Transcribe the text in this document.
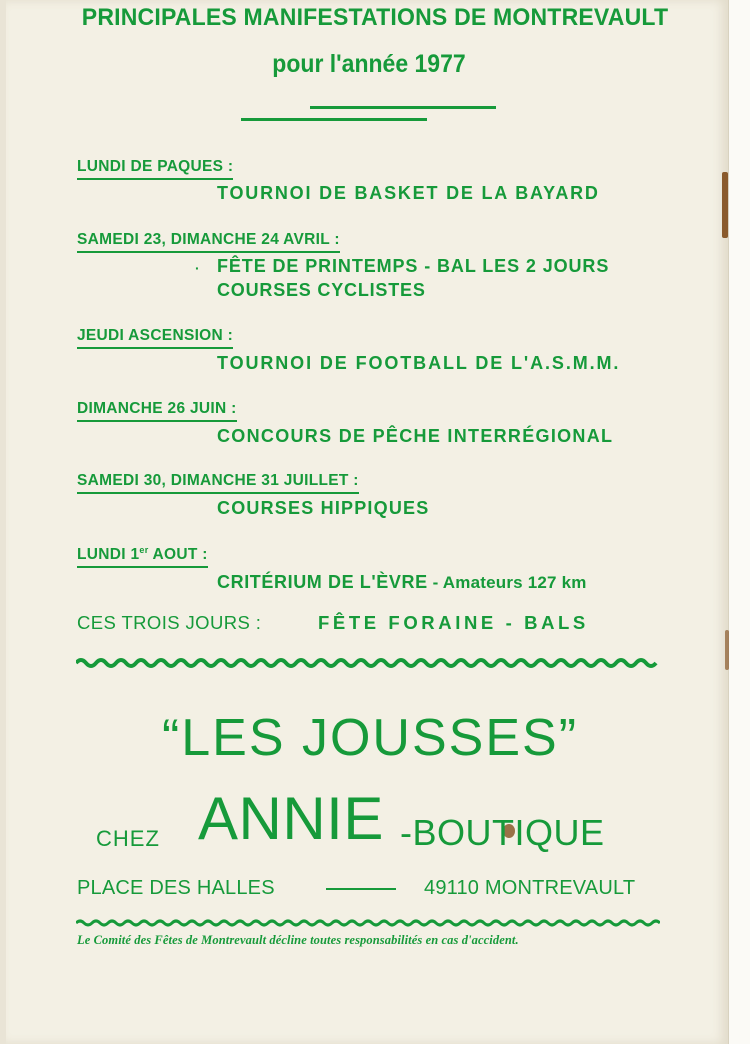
PRINCIPALES MANIFESTATIONS DE MONTREVAULT
pour l'année 1977
LUNDI DE PAQUES :
TOURNOI DE BASKET DE LA BAYARD
SAMEDI 23, DIMANCHE 24 AVRIL :
· FÊTE DE PRINTEMPS - BAL LES 2 JOURS
COURSES CYCLISTES
JEUDI ASCENSION :
TOURNOI DE FOOTBALL DE L'A.S.M.M.
DIMANCHE 26 JUIN :
CONCOURS DE PÊCHE INTERRÉGIONAL
SAMEDI 30, DIMANCHE 31 JUILLET :
COURSES HIPPIQUES
LUNDI 1er AOUT :
CRITÉRIUM DE L'ÈVRE - Amateurs 127 km
CES TROIS JOURS :	FÊTE FORAINE - BALS
“LES JOUSSES”
CHEZ ANNIE -BOUTIQUE
PLACE DES HALLES	49110 MONTREVAULT
Le Comité des Fêtes de Montrevault décline toutes responsabilités en cas d'accident.
